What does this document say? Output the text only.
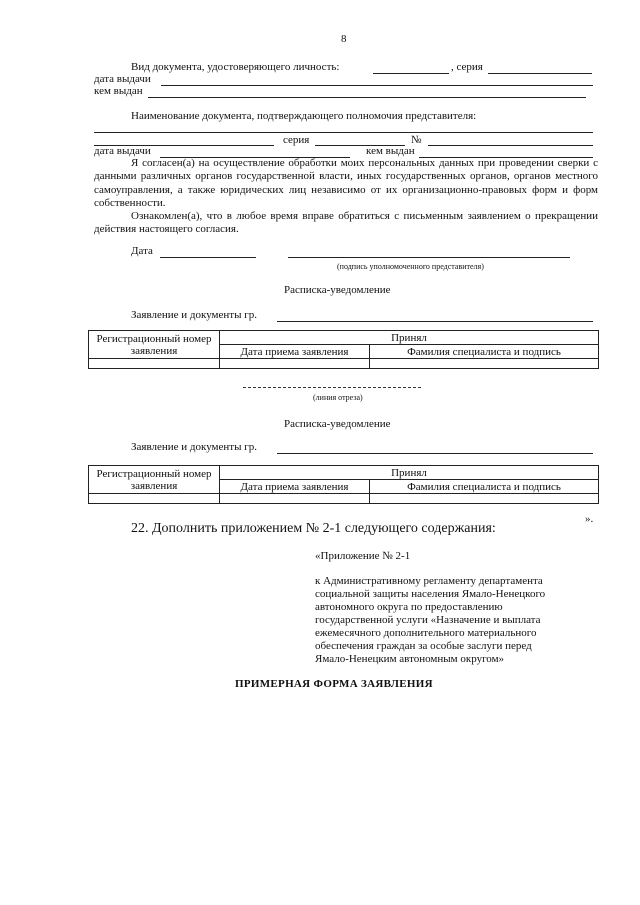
8
Вид документа, удостоверяющего личность:	, серия
дата выдачи
кем выдан
Наименование документа, подтверждающего полномочия представителя:
серия	№
дата выдачи	кем выдан
Я согласен(а) на осуществление обработки моих персональных данных при проведении сверки с данными различных органов государственной власти, иных государственных органов, органов местного самоуправления, а также юридических лиц независимо от их организационно-правовых форм и форм собственности.
Ознакомлен(а), что в любое время вправе обратиться с письменным заявлением о прекращении действия настоящего согласия.
Дата
(подпись уполномоченного представителя)
Расписка-уведомление
Заявление и документы гр.
Регистрационный номер заявления	Принял	
	Дата приема заявления	Фамилия специалиста и подпись

(линия отреза)
Расписка-уведомление
Заявление и документы гр.
Регистрационный номер заявления	Принял	
	Дата приема заявления	Фамилия специалиста и подпись

».
22. Дополнить приложением № 2-1 следующего содержания:
«Приложение № 2-1
к Административному регламенту департамента
социальной защиты населения Ямало-Ненецкого
автономного округа по предоставлению
государственной услуги «Назначение и выплата
ежемесячного дополнительного материального
обеспечения граждан за особые заслуги перед
Ямало-Ненецким автономным округом»
ПРИМЕРНАЯ ФОРМА ЗАЯВЛЕНИЯ
